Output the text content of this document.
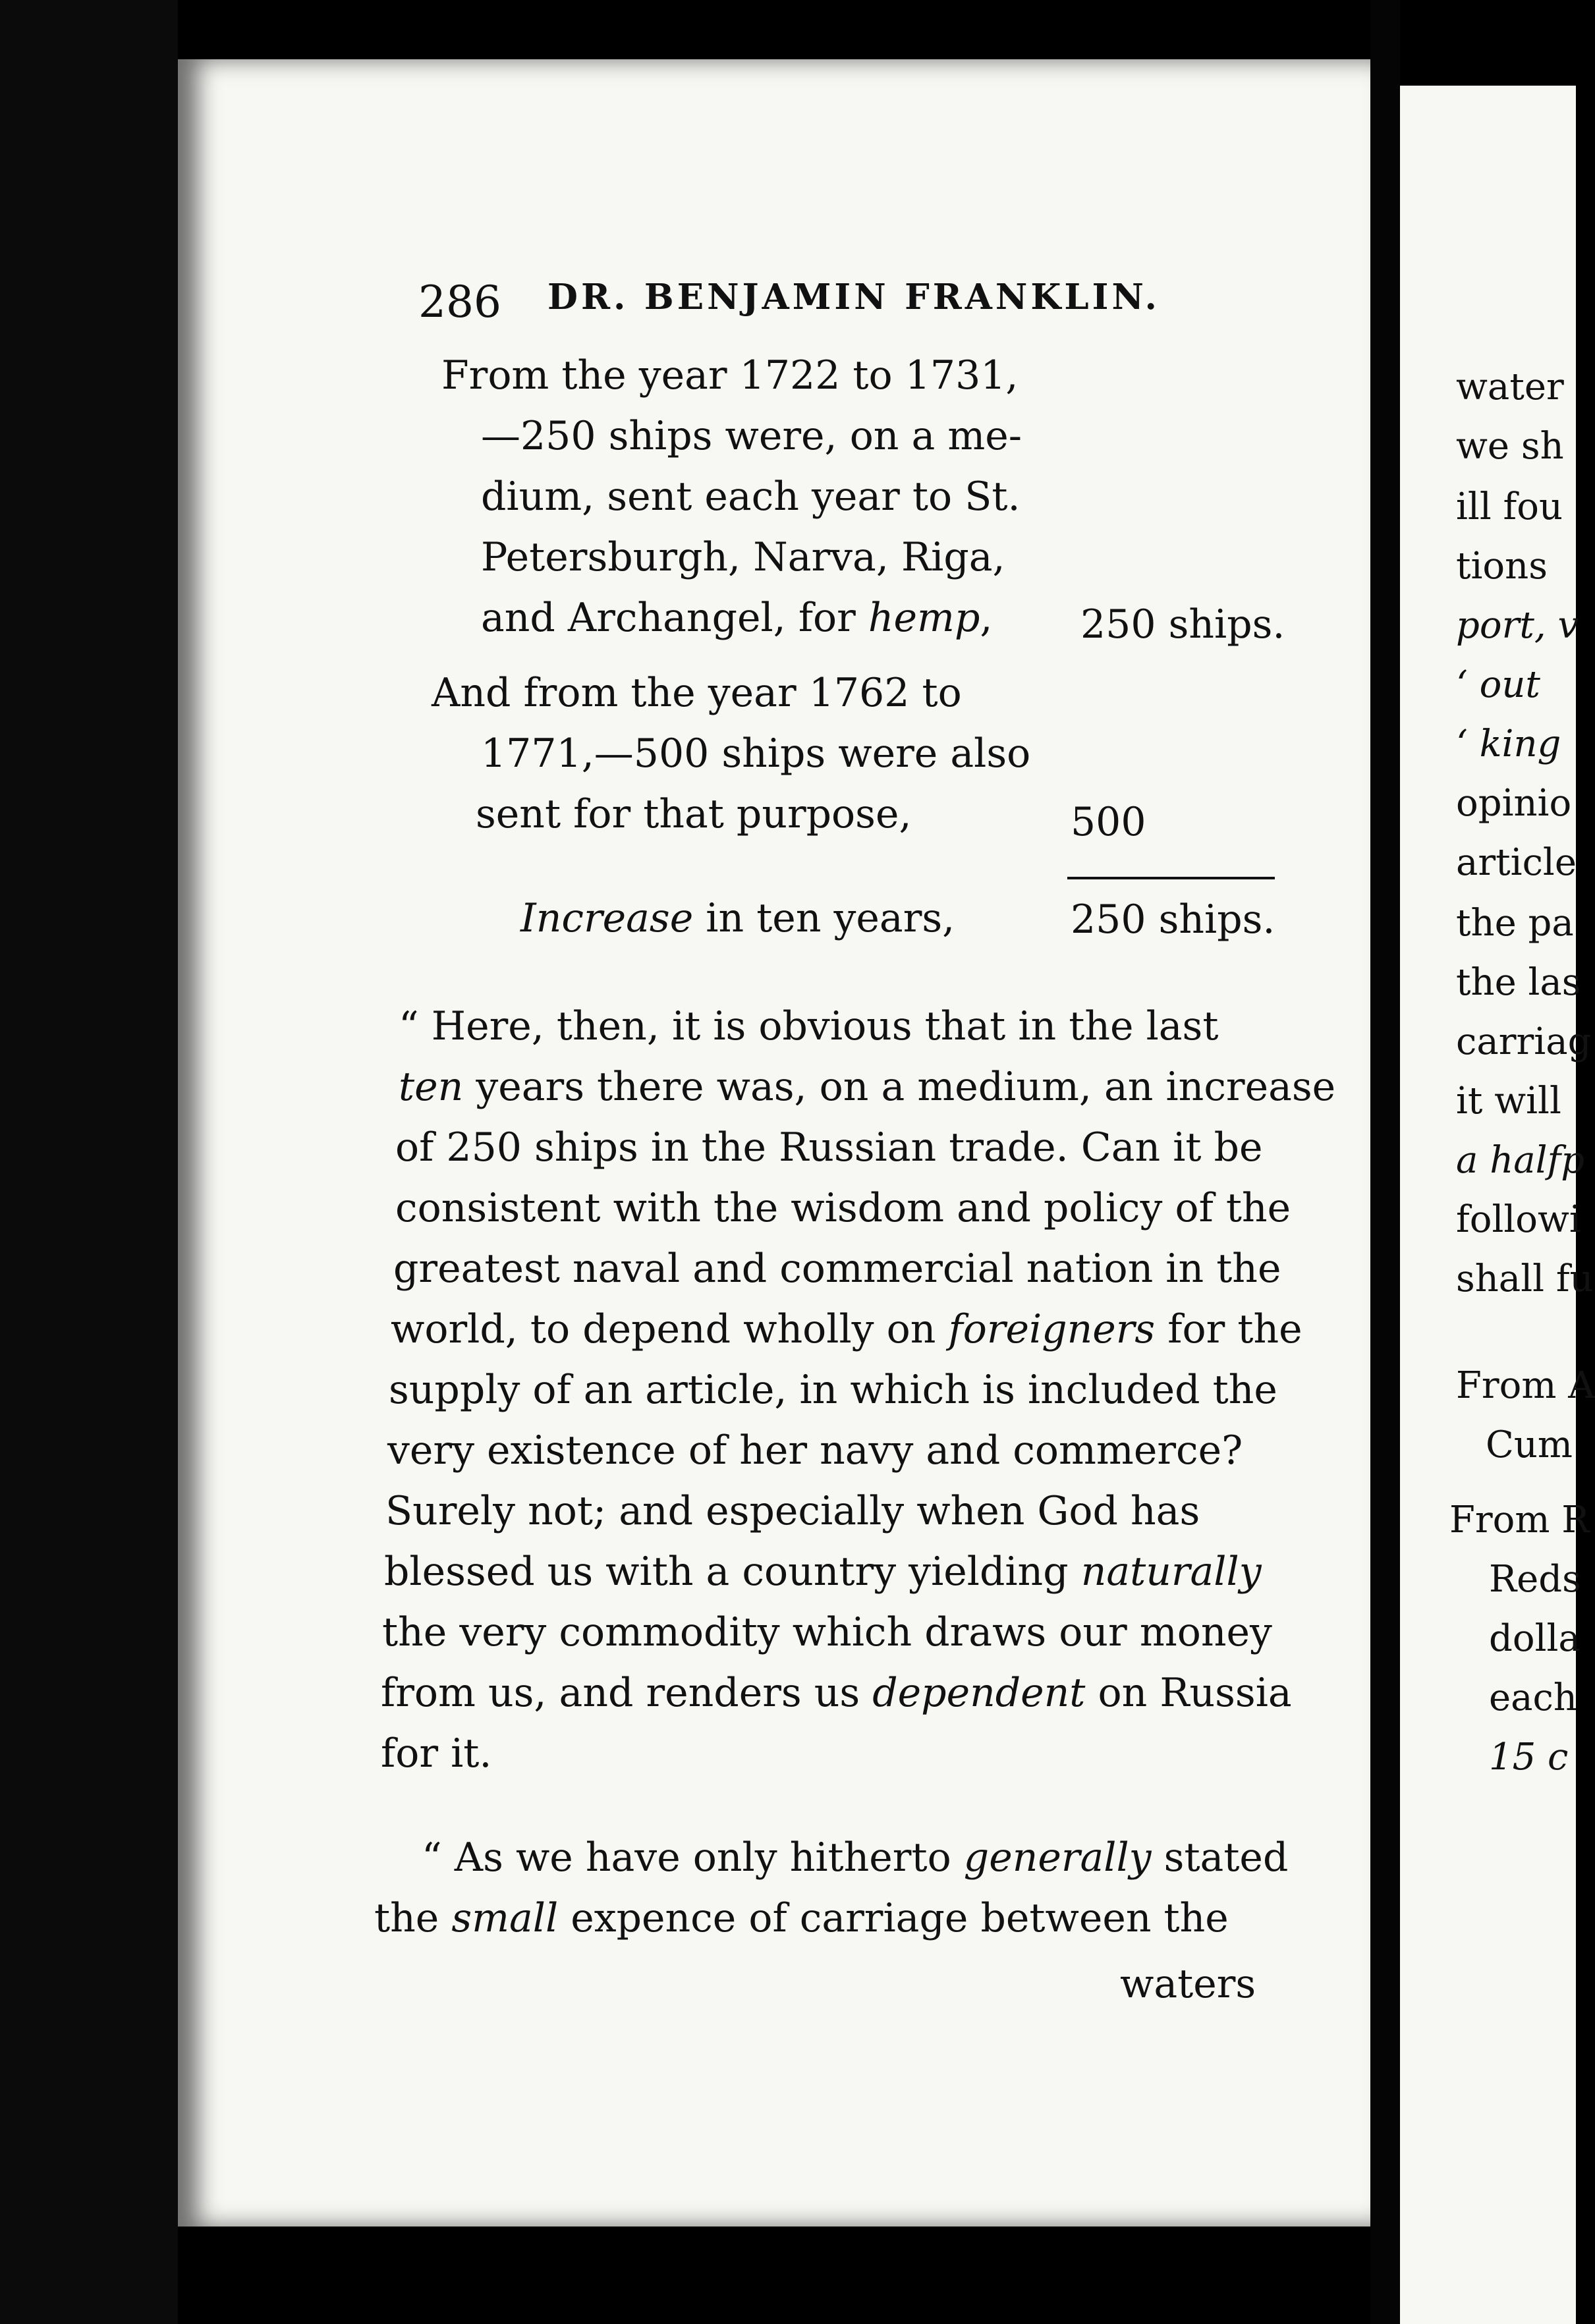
water
we sh
ill fou
tions
port, v
‘ out
‘ king
opinio
article
the pa
the las
carriag
it will
a halfp
followi
shall fu
From A
Cum
From R
Reds
dolla
each
15 c
286 DR. BENJAMIN FRANKLIN.
From the year 1722 to 1731,
—250 ships were, on a me-
dium, sent each year to St.
Petersburgh, Narva, Riga,
and Archangel, for hemp, 250 ships.
And from the year 1762 to
1771,—500 ships were also
sent for that purpose,	500
Increase in ten years,	250 ships.
“ Here, then, it is obvious that in the last
ten years there was, on a medium, an increase
of 250 ships in the Russian trade. Can it be
consistent with the wisdom and policy of the
greatest naval and commercial nation in the
world, to depend wholly on foreigners for the
supply of an article, in which is included the
very existence of her navy and commerce?
Surely not; and especially when God has
blessed us with a country yielding naturally
the very commodity which draws our money
from us, and renders us dependent on Russia
for it.
“ As we have only hitherto generally stated
the small expence of carriage between the
waters
